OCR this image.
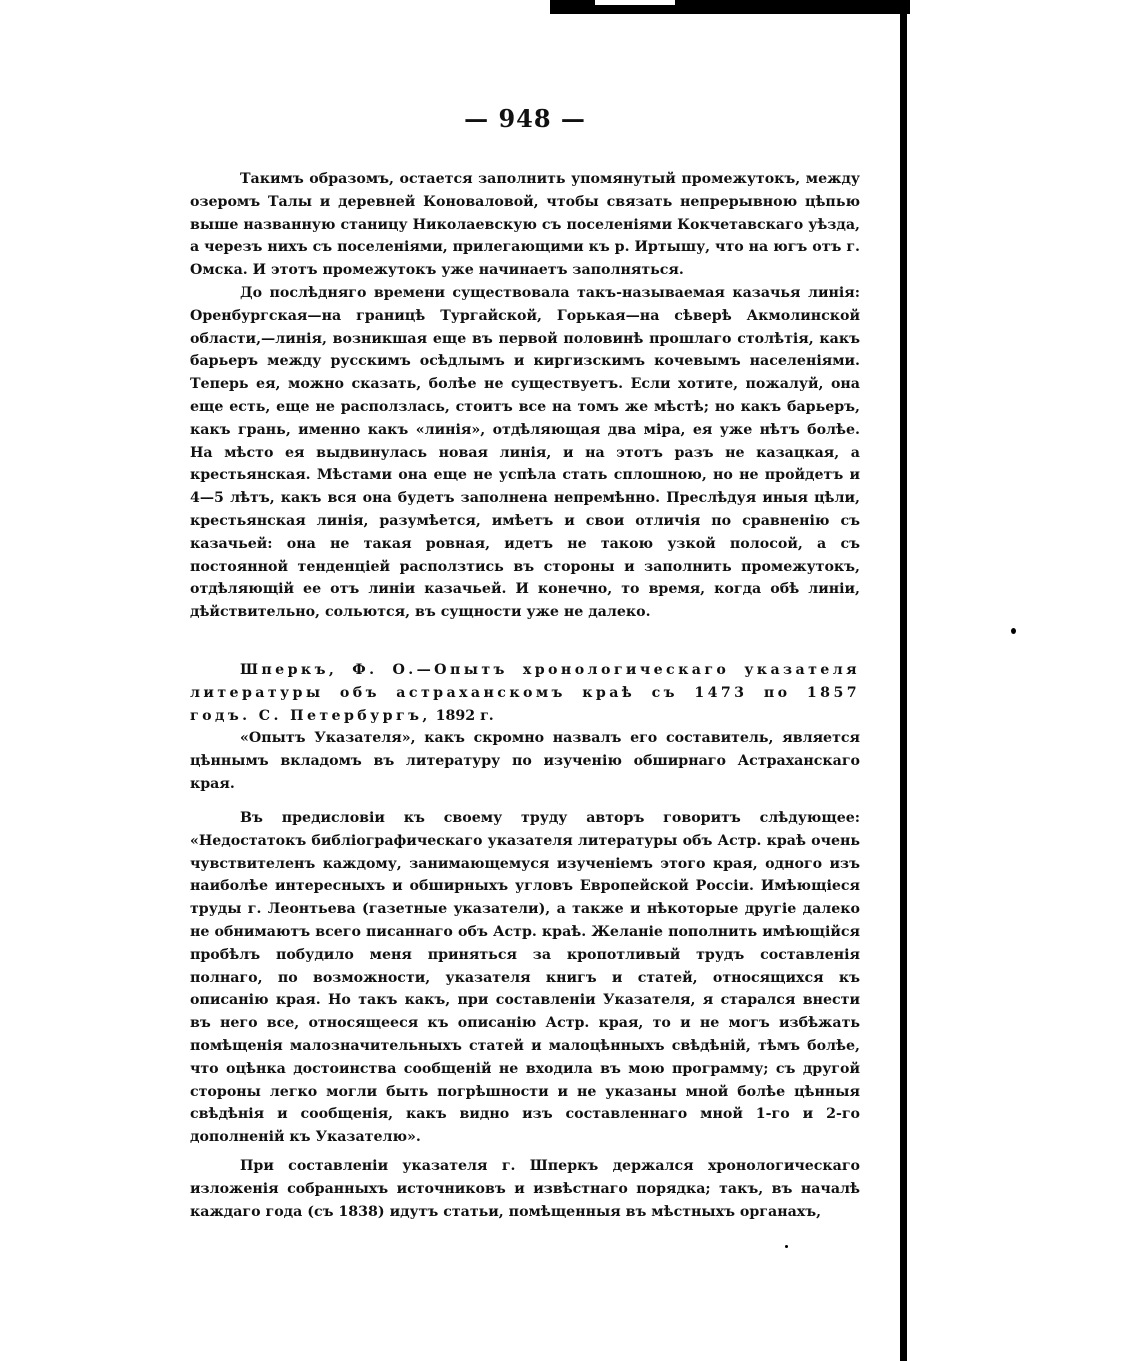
— 948 —

Такимъ образомъ, остается заполнить упомянутый промежутокъ, между озеромъ Талы и деревней Коноваловой, чтобы связать непрерывною цѣпью выше названную станицу Николаевскую съ поселеніями Кокчетавскаго уѣзда, а черезъ нихъ съ поселеніями, прилегающими къ р. Иртышу, что на югъ отъ г. Омска. И этотъ промежутокъ уже начинаетъ заполняться.

До послѣдняго времени существовала такъ-называемая казачья линія: Оренбургская—на границѣ Тургайской, Горькая—на сѣверѣ Акмолинской области,—линія, возникшая еще въ первой половинѣ прошлаго столѣтія, какъ барьеръ между русскимъ осѣдлымъ и киргизскимъ кочевымъ населеніями. Теперь ея, можно сказать, болѣе не существуетъ. Если хотите, пожалуй, она еще есть, еще не расползлась, стоитъ все на томъ же мѣстѣ; но какъ барьеръ, какъ грань, именно какъ «линія», отдѣляющая два міра, ея уже нѣтъ болѣе. На мѣсто ея выдвинулась новая линія, и на этотъ разъ не казацкая, а крестьянская. Мѣстами она еще не успѣла стать сплошною, но не пройдетъ и 4—5 лѣтъ, какъ вся она будетъ заполнена непремѣнно. Преслѣдуя иныя цѣли, крестьянская линія, разумѣется, имѣетъ и свои отличія по сравненію съ казачьей: она не такая ровная, идетъ не такою узкой полосой, а съ постоянной тенденціей расползтись въ стороны и заполнить промежутокъ, отдѣляющій ее отъ линіи казачьей. И конечно, то время, когда обѣ линіи, дѣйствительно, сольются, въ сущности уже не далеко.

Шперкъ, Ф. О.—Опытъ хронологическаго указателя литературы объ астраханскомъ краѣ съ 1473 по 1857 годъ. С. Петербургъ, 1892 г.

«Опытъ Указателя», какъ скромно назвалъ его составитель, является цѣннымъ вкладомъ въ литературу по изученію обширнаго Астраханскаго края.

Въ предисловіи къ своему труду авторъ говоритъ слѣдующее: «Недостатокъ библіографическаго указателя литературы объ Астр. краѣ очень чувствителенъ каждому, занимающемуся изученіемъ этого края, одного изъ наиболѣе интересныхъ и обширныхъ угловъ Европейской Россіи. Имѣющіеся труды г. Леонтьева (газетные указатели), а также и нѣкоторые другіе далеко не обнимаютъ всего писаннаго объ Астр. краѣ. Желаніе пополнить имѣющійся пробѣлъ побудило меня приняться за кропотливый трудъ составленія полнаго, по возможности, указателя книгъ и статей, относящихся къ описанію края. Но такъ какъ, при составленіи Указателя, я старался внести въ него все, относящееся къ описанію Астр. края, то и не могъ избѣжать помѣщенія малозначительныхъ статей и малоцѣнныхъ свѣдѣній, тѣмъ болѣе, что оцѣнка достоинства сообщеній не входила въ мою программу; съ другой стороны легко могли быть погрѣшности и не указаны мной болѣе цѣнныя свѣдѣнія и сообщенія, какъ видно изъ составленнаго мной 1-го и 2-го дополненій къ Указателю».

При составленіи указателя г. Шперкъ держался хронологическаго изложенія собранныхъ источниковъ и извѣстнаго порядка; такъ, въ началѣ каждаго года (съ 1838) идутъ статьи, помѣщенныя въ мѣстныхъ органахъ,
